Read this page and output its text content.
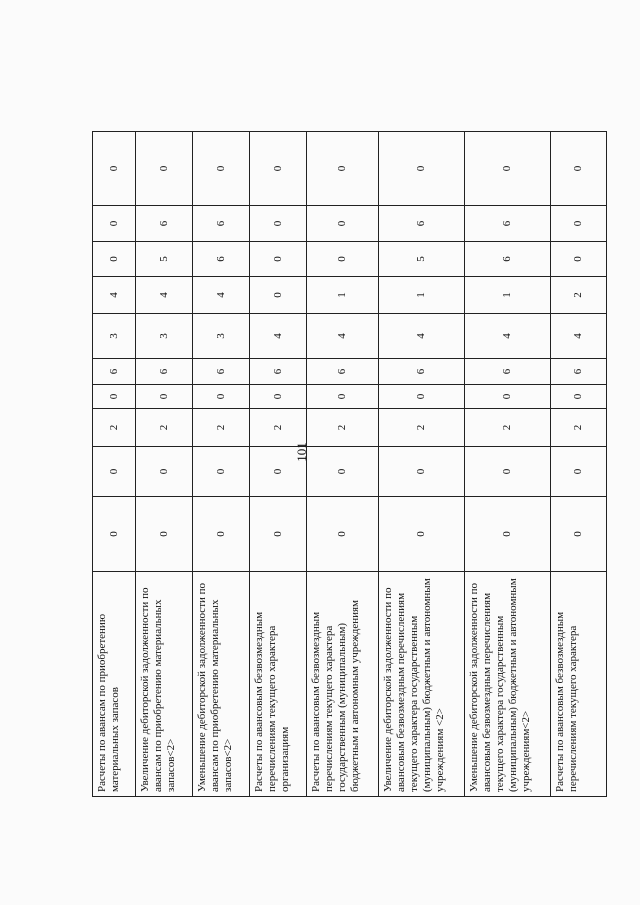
101
Расчеты по авансам по приобретению материальных запасов	0	0	2	0	6	3	4	0	0	0
Увеличение дебиторской задолженности по авансам по приобретению материальных запасов<2>	0	0	2	0	6	3	4	5	6	0
Уменьшение дебиторской задолженности по авансам по приобретению материальных запасов<2>	0	0	2	0	6	3	4	6	6	0
Расчеты по авансовым безвозмездным перечислениям текущего характера организациям	0	0	2	0	6	4	0	0	0	0
Расчеты по авансовым безвозмездным перечислениям текущего характера государственным (муниципальным) бюджетным и автономным учреждениям	0	0	2	0	6	4	1	0	0	0
Увеличение дебиторской задолженности по авансовым безвозмездным перечислениям текущего характера государственным (муниципальным) бюджетным и автономным учреждениям <2>	0	0	2	0	6	4	1	5	6	0
Уменьшение дебиторской задолженности по авансовым безвозмездным перечислениям текущего характера государственным (муниципальным) бюджетным и автономным учреждениям<2>	0	0	2	0	6	4	1	6	6	0
Расчеты по авансовым безвозмездным перечислениям текущего характера	0	0	2	0	6	4	2	0	0	0
